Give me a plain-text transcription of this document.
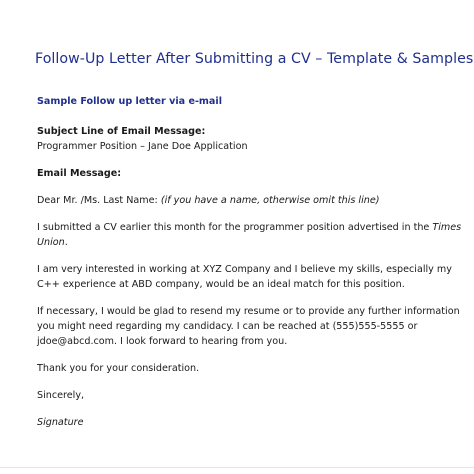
Follow-Up Letter After Submitting a CV – Template & Samples
Sample Follow up letter via e-mail
Subject Line of Email Message:
Programmer Position – Jane Doe Application
Email Message:
Dear Mr. /Ms. Last Name: (if you have a name, otherwise omit this line)
I submitted a CV earlier this month for the programmer position advertised in the Times
Union.
I am very interested in working at XYZ Company and I believe my skills, especially my
C++ experience at ABD company, would be an ideal match for this position.
If necessary, I would be glad to resend my resume or to provide any further information
you might need regarding my candidacy. I can be reached at (555)555-5555 or
jdoe@abcd.com. I look forward to hearing from you.
Thank you for your consideration.
Sincerely,
Signature
